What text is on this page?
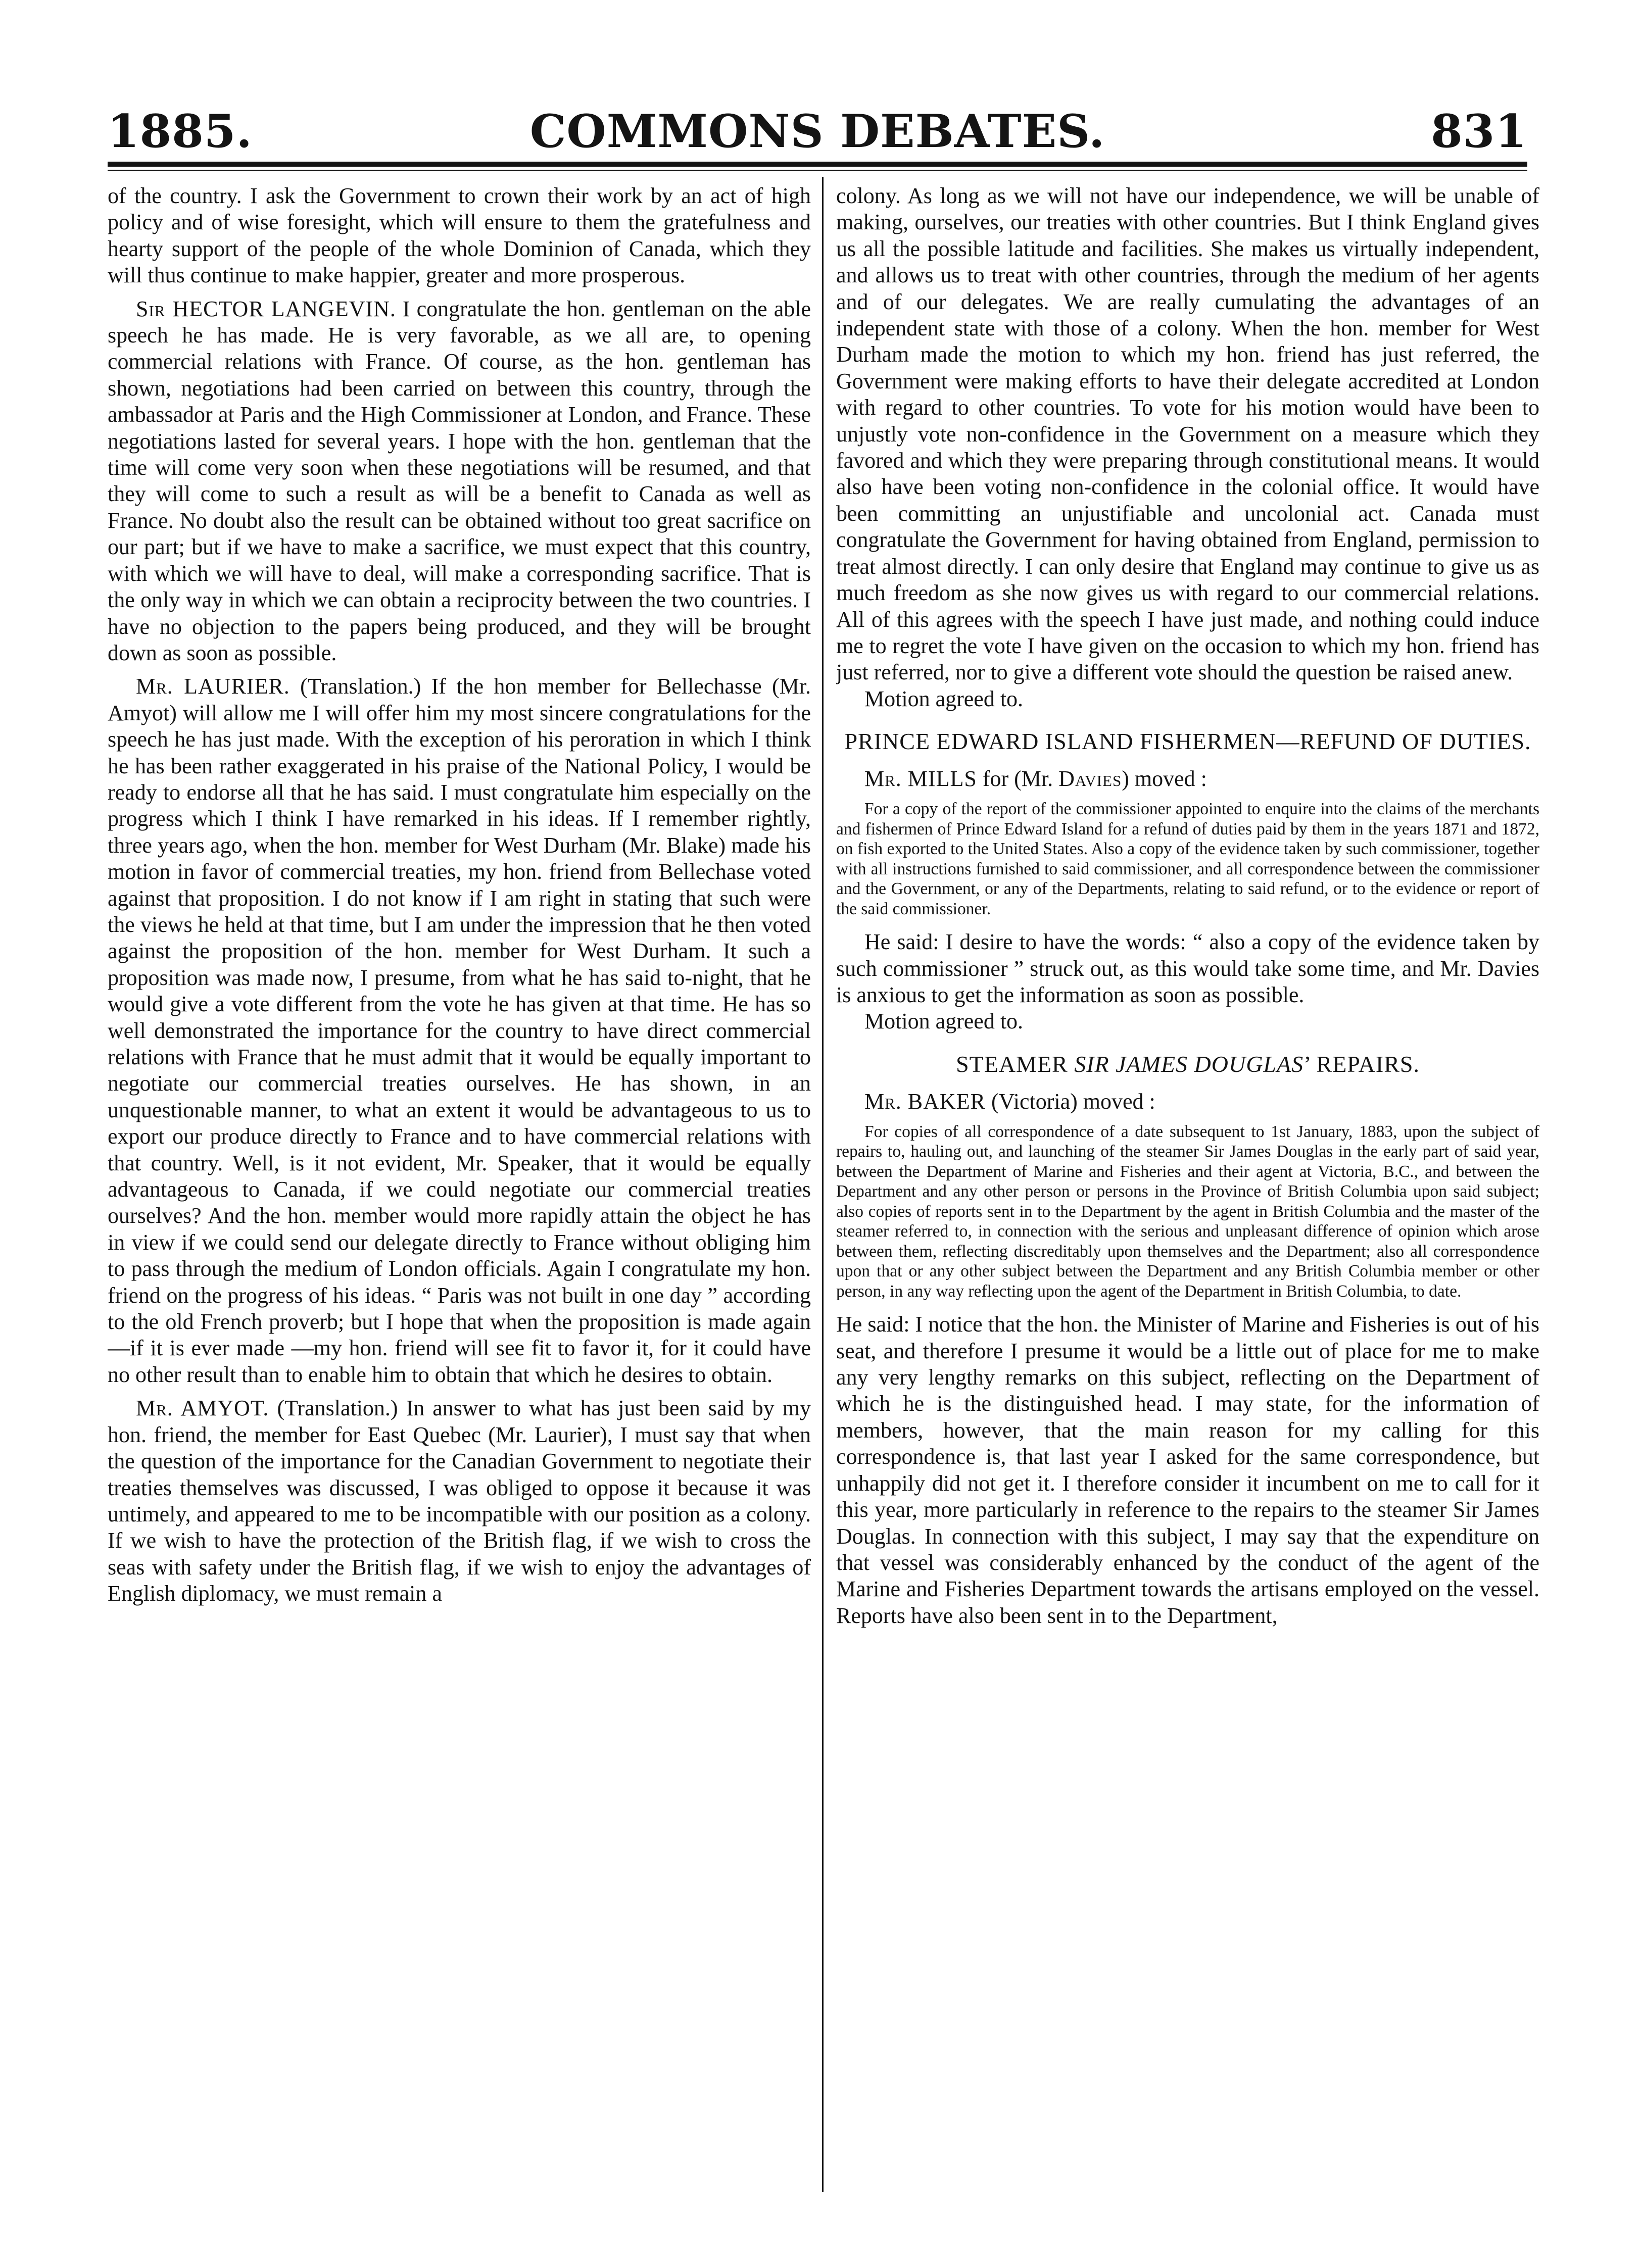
1885.	COMMONS DEBATES.	831

of the country. I ask the Government to crown their work by an act of high policy and of wise foresight, which will ensure to them the gratefulness and hearty support of the people of the whole Dominion of Canada, which they will thus continue to make happier, greater and more prosperous.

Sir HECTOR LANGEVIN. I congratulate the hon. gentleman on the able speech he has made. He is very favorable, as we all are, to opening commercial relations with France. Of course, as the hon. gentleman has shown, negotiations had been carried on between this country, through the ambassador at Paris and the High Commissioner at London, and France. These negotiations lasted for several years. I hope with the hon. gentleman that the time will come very soon when these negotiations will be resumed, and that they will come to such a result as will be a benefit to Canada as well as France. No doubt also the result can be obtained without too great sacrifice on our part; but if we have to make a sacrifice, we must expect that this country, with which we will have to deal, will make a corresponding sacrifice. That is the only way in which we can obtain a reciprocity between the two countries. I have no objection to the papers being produced, and they will be brought down as soon as possible.

Mr. LAURIER. (Translation.) If the hon member for Bellechasse (Mr. Amyot) will allow me I will offer him my most sincere congratulations for the speech he has just made. With the exception of his peroration in which I think he has been rather exaggerated in his praise of the National Policy, I would be ready to endorse all that he has said. I must congratulate him especially on the progress which I think I have remarked in his ideas. If I remember rightly, three years ago, when the hon. member for West Durham (Mr. Blake) made his motion in favor of commercial treaties, my hon. friend from Bellechase voted against that proposition. I do not know if I am right in stating that such were the views he held at that time, but I am under the impression that he then voted against the proposition of the hon. member for West Durham. It such a proposition was made now, I presume, from what he has said to-night, that he would give a vote different from the vote he has given at that time. He has so well demonstrated the importance for the country to have direct commercial relations with France that he must admit that it would be equally important to negotiate our commercial treaties ourselves. He has shown, in an unquestionable manner, to what an extent it would be advantageous to us to export our produce directly to France and to have commercial relations with that country. Well, is it not evident, Mr. Speaker, that it would be equally advantageous to Canada, if we could negotiate our commercial treaties ourselves? And the hon. member would more rapidly attain the object he has in view if we could send our delegate directly to France without obliging him to pass through the medium of London officials. Again I congratulate my hon. friend on the progress of his ideas. “ Paris was not built in one day ” according to the old French proverb; but I hope that when the proposition is made again—if it is ever made —my hon. friend will see fit to favor it, for it could have no other result than to enable him to obtain that which he desires to obtain.

Mr. AMYOT. (Translation.) In answer to what has just been said by my hon. friend, the member for East Quebec (Mr. Laurier), I must say that when the question of the importance for the Canadian Government to negotiate their treaties themselves was discussed, I was obliged to oppose it because it was untimely, and appeared to me to be incompatible with our position as a colony. If we wish to have the protection of the British flag, if we wish to cross the seas with safety under the British flag, if we wish to enjoy the advantages of English diplomacy, we must remain a

colony. As long as we will not have our independence, we will be unable of making, ourselves, our treaties with other countries. But I think England gives us all the possible latitude and facilities. She makes us virtually independent, and allows us to treat with other countries, through the medium of her agents and of our delegates. We are really cumulating the advantages of an independent state with those of a colony. When the hon. member for West Durham made the motion to which my hon. friend has just referred, the Government were making efforts to have their delegate accredited at London with regard to other countries. To vote for his motion would have been to unjustly vote non-confidence in the Government on a measure which they favored and which they were preparing through constitutional means. It would also have been voting non-confidence in the colonial office. It would have been committing an unjustifiable and uncolonial act. Canada must congratulate the Government for having obtained from England, permission to treat almost directly. I can only desire that England may continue to give us as much freedom as she now gives us with regard to our commercial relations. All of this agrees with the speech I have just made, and nothing could induce me to regret the vote I have given on the occasion to which my hon. friend has just referred, nor to give a different vote should the question be raised anew.

Motion agreed to.

PRINCE EDWARD ISLAND FISHERMEN—REFUND OF DUTIES.

Mr. MILLS for (Mr. Davies) moved :

For a copy of the report of the commissioner appointed to enquire into the claims of the merchants and fishermen of Prince Edward Island for a refund of duties paid by them in the years 1871 and 1872, on fish exported to the United States. Also a copy of the evidence taken by such commissioner, together with all instructions furnished to said commissioner, and all correspondence between the commissioner and the Government, or any of the Departments, relating to said refund, or to the evidence or report of the said commissioner.

He said: I desire to have the words: “ also a copy of the evidence taken by such commissioner ” struck out, as this would take some time, and Mr. Davies is anxious to get the information as soon as possible.

Motion agreed to.

STEAMER SIR JAMES DOUGLAS’ REPAIRS.

Mr. BAKER (Victoria) moved :

For copies of all correspondence of a date subsequent to 1st January, 1883, upon the subject of repairs to, hauling out, and launching of the steamer Sir James Douglas in the early part of said year, between the Department of Marine and Fisheries and their agent at Victoria, B.C., and between the Department and any other person or persons in the Province of British Columbia upon said subject; also copies of reports sent in to the Department by the agent in British Columbia and the master of the steamer referred to, in connection with the serious and unpleasant difference of opinion which arose between them, reflecting discreditably upon themselves and the Department; also all correspondence upon that or any other subject between the Department and any British Columbia member or other person, in any way reflecting upon the agent of the Department in British Columbia, to date.

He said: I notice that the hon. the Minister of Marine and Fisheries is out of his seat, and therefore I presume it would be a little out of place for me to make any very lengthy remarks on this subject, reflecting on the Department of which he is the distinguished head. I may state, for the information of members, however, that the main reason for my calling for this correspondence is, that last year I asked for the same correspondence, but unhappily did not get it. I therefore consider it incumbent on me to call for it this year, more particularly in reference to the repairs to the steamer Sir James Douglas. In connection with this subject, I may say that the expenditure on that vessel was considerably enhanced by the conduct of the agent of the Marine and Fisheries Department towards the artisans employed on the vessel. Reports have also been sent in to the Department,
